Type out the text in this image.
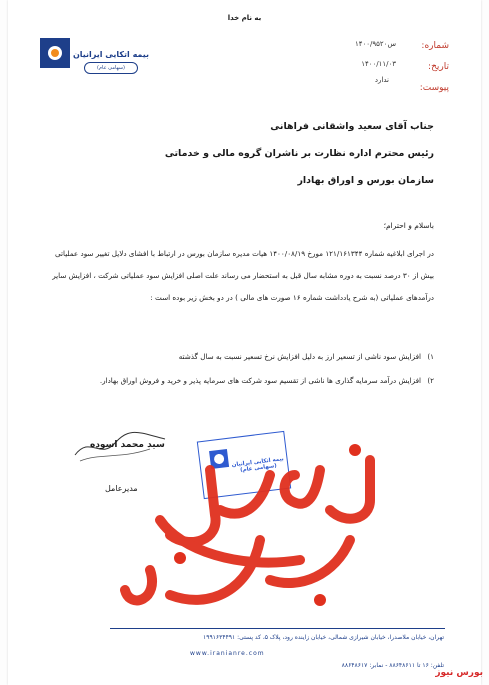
به نام خدا
بیمه اتکایی ایرانیان
(سهامی عام)
شماره:
۱۴۰۰/۹۵۲۰س
تاریخ:
۱۴۰۰/۱۱/۰۳
پیوست:
ندارد
جناب آقای سعید واشقانی فراهانی
رئیس محترم اداره نظارت بر ناشران گروه مالی و خدماتی
سازمان بورس و اوراق بهادار
باسلام و احترام؛
در اجرای ابلاغیه شماره ۱۲۱/۱۶۱۳۴۴ مورخ ۱۴۰۰/۰۸/۱۹ هیات مدیره سازمان بورس در ارتباط با افشای دلایل تغییر سود عملیاتی بیش از ۳۰ درصد نسبت به دوره مشابه سال قبل به استحضار می رساند علت اصلی افزایش سود عملیاتی شرکت ، افزایش سایر درآمدهای عملیاتی (به شرح یادداشت شماره ۱۶ صورت های مالی ) در دو بخش زیر بوده است :
۱) افزایش سود ناشی از تسعیر ارز به دلیل افزایش نرخ تسعیر نسبت به سال گذشته
۲) افزایش درآمد سرمایه گذاری ها ناشی از تقسیم سود شرکت های سرمایه پذیر و خرید و فروش اوراق بهادار.
سید محمد اسوده
مدیرعامل
بیمه اتکایی ایرانیان (سهامی عام)
تهران، خیابان ملاصدرا، خیابان شیرازی شمالی، خیابان زاینده رود، پلاک ۵، کد پستی: ۱۹۹۱۶۳۴۴۹۱
www.iranianre.com
تلفن: ۱۶ تا ۸۸۶۴۸۶۱۱ - نمابر: ۸۸۶۴۸۶۱۷
بورس نیوز
